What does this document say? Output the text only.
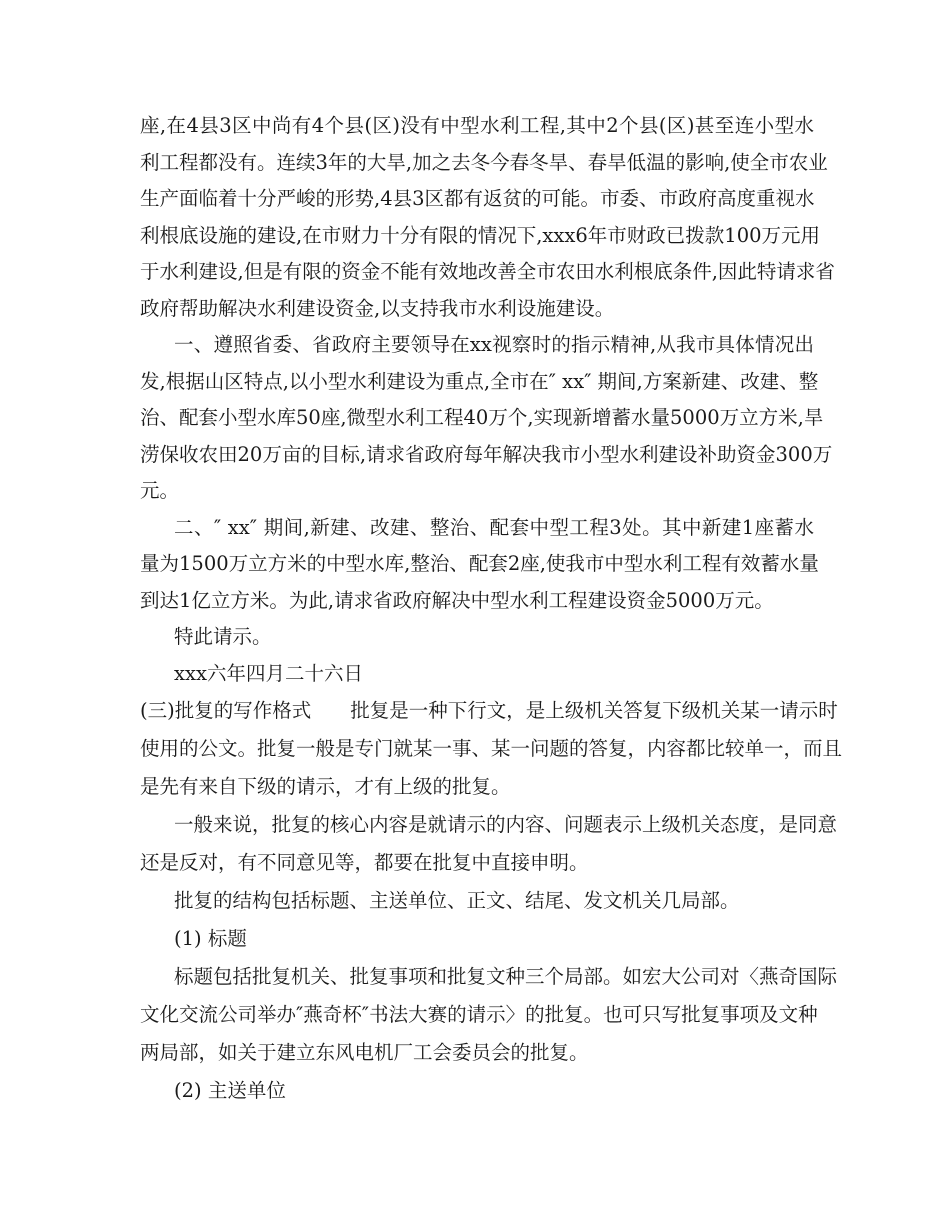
座,在4县3区中尚有4个县(区)没有中型水利工程,其中2个县(区)甚至连小型水
利工程都没有。连续3年的大旱,加之去冬今春冬旱、春旱低温的影响,使全市农业
生产面临着十分严峻的形势,4县3区都有返贫的可能。市委、市政府高度重视水
利根底设施的建设,在市财力十分有限的情况下,xxx6年市财政已拨款100万元用
于水利建设,但是有限的资金不能有效地改善全市农田水利根底条件,因此特请求省
政府帮助解决水利建设资金,以支持我市水利设施建设。
一、遵照省委、省政府主要领导在xx视察时的指示精神,从我市具体情况出
发,根据山区特点,以小型水利建设为重点,全市在″ xx″ 期间,方案新建、改建、整
治、配套小型水库50座,微型水利工程40万个,实现新增蓄水量5000万立方米,旱
涝保收农田20万亩的目标,请求省政府每年解决我市小型水利建设补助资金300万
元。
二、″ xx″ 期间,新建、改建、整治、配套中型工程3处。其中新建1座蓄水
量为1500万立方米的中型水库,整治、配套2座,使我市中型水利工程有效蓄水量
到达1亿立方米。为此,请求省政府解决中型水利工程建设资金5000万元。
特此请示。
xxx六年四月二十六日
(三)批复的写作格式　　批复是一种下行文，是上级机关答复下级机关某一请示时
使用的公文。批复一般是专门就某一事、某一问题的答复，内容都比较单一，而且
是先有来自下级的请示，才有上级的批复。
一般来说，批复的核心内容是就请示的内容、问题表示上级机关态度，是同意
还是反对，有不同意见等，都要在批复中直接申明。
批复的结构包括标题、主送单位、正文、结尾、发文机关几局部。
(1) 标题
标题包括批复机关、批复事项和批复文种三个局部。如宏大公司对〈燕奇国际
文化交流公司举办″燕奇杯″书法大赛的请示〉的批复。也可只写批复事项及文种
两局部，如关于建立东风电机厂工会委员会的批复。
(2) 主送单位
